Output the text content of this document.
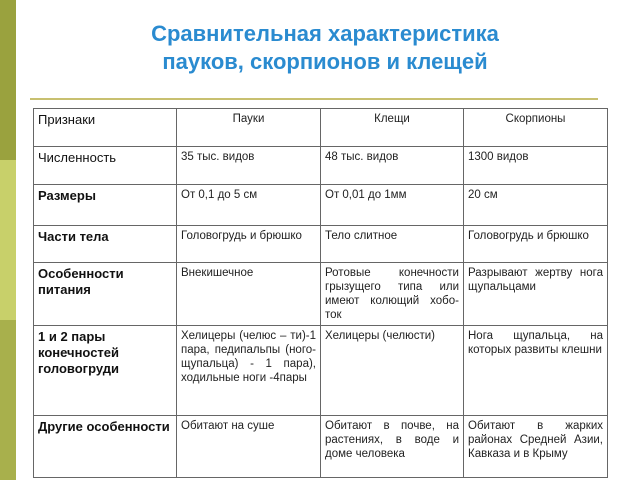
Сравнительная характеристика
пауков, скорпионов и клещей
Признаки	Пауки	Клещи	Скорпионы
Численность	35 тыс. видов	48 тыс. видов	1300 видов
Размеры	От 0,1 до 5 см	От 0,01 до 1мм	20 см
Части тела	Головогрудь и брюшко	Тело слитное	Головогрудь и брюшко
Особенности питания	Внекишечное	Ротовые конечности грызущего типа или имеют колющий хобо-ток	Разрывают жертву нога щупальцами
1 и 2 пары конечностей головогруди	Хелицеры (челюс – ти)-1 пара, педипальпы (ного-щупальца) - 1 пара), ходильные ноги -4пары	Хелицеры (челюсти)	Нога щупальца, на которых развиты клешни
Другие особенности	Обитают на суше	Обитают в почве, на растениях, в воде и доме человека	Обитают в жарких районах Средней Азии, Кавказа и в Крыму
